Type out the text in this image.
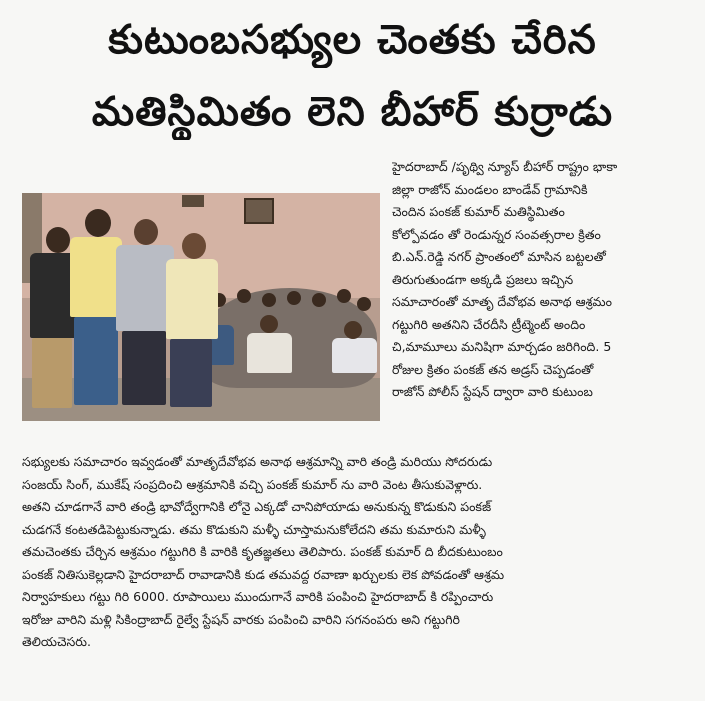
కుటుంబసభ్యుల చెంతకు చేరిన
మతిస్థిమితం లెని బీహార్ కుర్రాడు
హైదరాబాద్ /పృథ్వి న్యూస్ బీహార్ రాష్ట్రం భాకా
జిల్లా రాజోన్ మండలం బాండేవ్ గ్రామానికి
చెందిన పంకజ్ కుమార్ మతిస్థిమితం
కోల్పోవడం తో రెండున్నర సంవత్సరాల క్రితం
బి.ఎన్.రెడ్డి నగర్ ప్రాంతంలో మాసిన బట్టలతో
తిరుగుతుండగా అక్కడి ప్రజలు ఇచ్చిన
సమాచారంతో మాతృ దేవోభవ అనాథ ఆశ్రమం
గట్టుగిరి అతనిని చేరదీసి ట్రీట్మెంట్ అందిం
చి,మామూలు మనిషిగా మార్చడం జరిగింది. 5
రోజుల క్రితం పంకజ్ తన అడ్రస్ చెప్పడంతో
రాజోన్ పోలీస్ స్టేషన్ ద్వారా వారి కుటుంబ
సభ్యులకు సమాచారం ఇవ్వడంతో మాతృదేవోభవ అనాథ ఆశ్రమాన్ని వారి తండ్రి మరియు సోదరుడు
సంజయ్ సింగ్, ముకేష్ సంప్రదించి ఆశ్రమానికి వచ్చి పంకజ్ కుమార్ ను వారి వెంట తీసుకువెళ్లారు.
అతని చూడగానే వారి తండ్రి భావోద్వేగానికి లోనై ఎక్కడో చానిపోయాడు అనుకున్న కొడుకుని పంకజ్
చుడగనే కంటతడిపెట్టుకున్నాడు. తమ కొడుకుని మళ్ళీ చూస్తామనుకోలేదని తమ కుమారుని మళ్ళీ
తమచెంతకు చేర్చిన ఆశ్రమం గట్టుగిరి కి వారికి కృతజ్ఞతలు తెలిపారు. పంకజ్ కుమార్ ది బీదకుటుంబం
పంకజ్ నితిసుకెల్లడాని హైదరాబాద్ రావాడానికి కుడ తమవద్ద రవాణా ఖర్చులకు లెక పోవడంతో ఆశ్రమ
నిర్వాహకులు గట్టు గిరి 6000. రూపాయిలు ముందుగానే వారికి పంపించి హైదరాబాద్ కి రప్పించారు
ఇరోజు వారిని మళ్లి సికింద్రాబాద్ రైల్వే స్టేషన్ వారకు పంపించి వారిని సగనంపరు అని గట్టుగిరి
తెలియచెసరు.
